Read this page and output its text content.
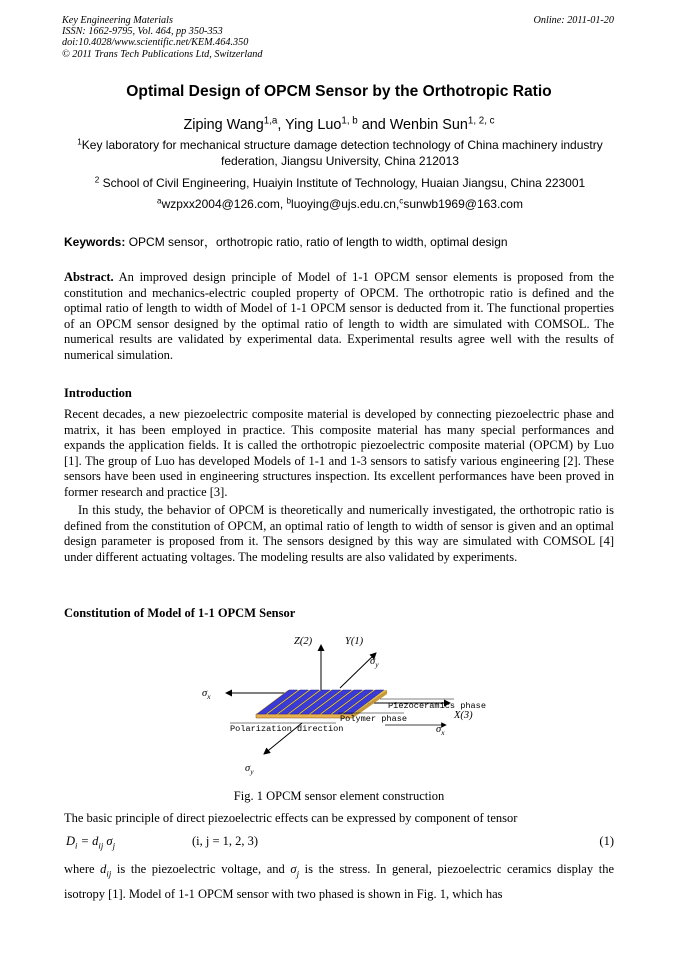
Key Engineering Materials
ISSN: 1662-9795, Vol. 464, pp 350-353
doi:10.4028/www.scientific.net/KEM.464.350
© 2011 Trans Tech Publications Ltd, Switzerland
Online: 2011-01-20
Optimal Design of OPCM Sensor by the Orthotropic Ratio
Ziping Wang$^{1,a}$, Ying Luo$^{1, b}$ and Wenbin Sun$^{1, 2, c}$
$^1$Key laboratory for mechanical structure damage detection technology of China machinery industry federation, Jiangsu University, China 212013
$^2$ School of Civil Engineering, Huaiyin Institute of Technology, Huaian Jiangsu, China 223001
$^a$wzpxx2004@126.com, $^b$luoying@ujs.edu.cn,$^c$sunwb1969@163.com
Keywords: OPCM sensor，orthotropic ratio, ratio of length to width, optimal design
Abstract. An improved design principle of Model of 1-1 OPCM sensor elements is proposed from the constitution and mechanics-electric coupled property of OPCM. The orthotropic ratio is defined and the optimal ratio of length to width of Model of 1-1 OPCM sensor is deducted from it. The functional properties of an OPCM sensor designed by the optimal ratio of length to width are simulated with COMSOL. The numerical results are validated by experimental data. Experimental results agree well with the results of numerical simulation.
Introduction
Recent decades, a new piezoelectric composite material is developed by connecting piezoelectric phase and matrix, it has been employed in practice. This composite material has many special performances and expands the application fields. It is called the orthotropic piezoelectric composite material (OPCM) by Luo [1]. The group of Luo has developed Models of 1-1 and 1-3 sensors to satisfy various engineering [2]. These sensors have been used in engineering structures inspection. Its excellent performances have been proved in former research and practice [3].
In this study, the behavior of OPCM is theoretically and numerically investigated, the orthotropic ratio is defined from the constitution of OPCM, an optimal ratio of length to width of sensor is given and an optimal design parameter is proposed from it. The sensors designed by this way are simulated with COMSOL [4] under different actuating voltages. The modeling results are also validated by experiments.
Constitution of Model of 1-1 OPCM Sensor
Z(2)	Y(1)
$\sigma_y$
$\sigma_x$
$\sigma_y$
$\sigma_x$
X(3)
Piezoceramics phase
Polymer phase
Polarization direction
Fig. 1 OPCM sensor element construction
The basic principle of direct piezoelectric effects can be expressed by component of tensor
$D_i = d_{ij}$ $\sigma_j$	(i, j = 1, 2, 3)	(1)
where $d_{ij}$ is the piezoelectric voltage, and $\sigma_j$ is the stress. In general, piezoelectric ceramics display the isotropy [1]. Model of 1-1 OPCM sensor with two phased is shown in Fig. 1, which has
